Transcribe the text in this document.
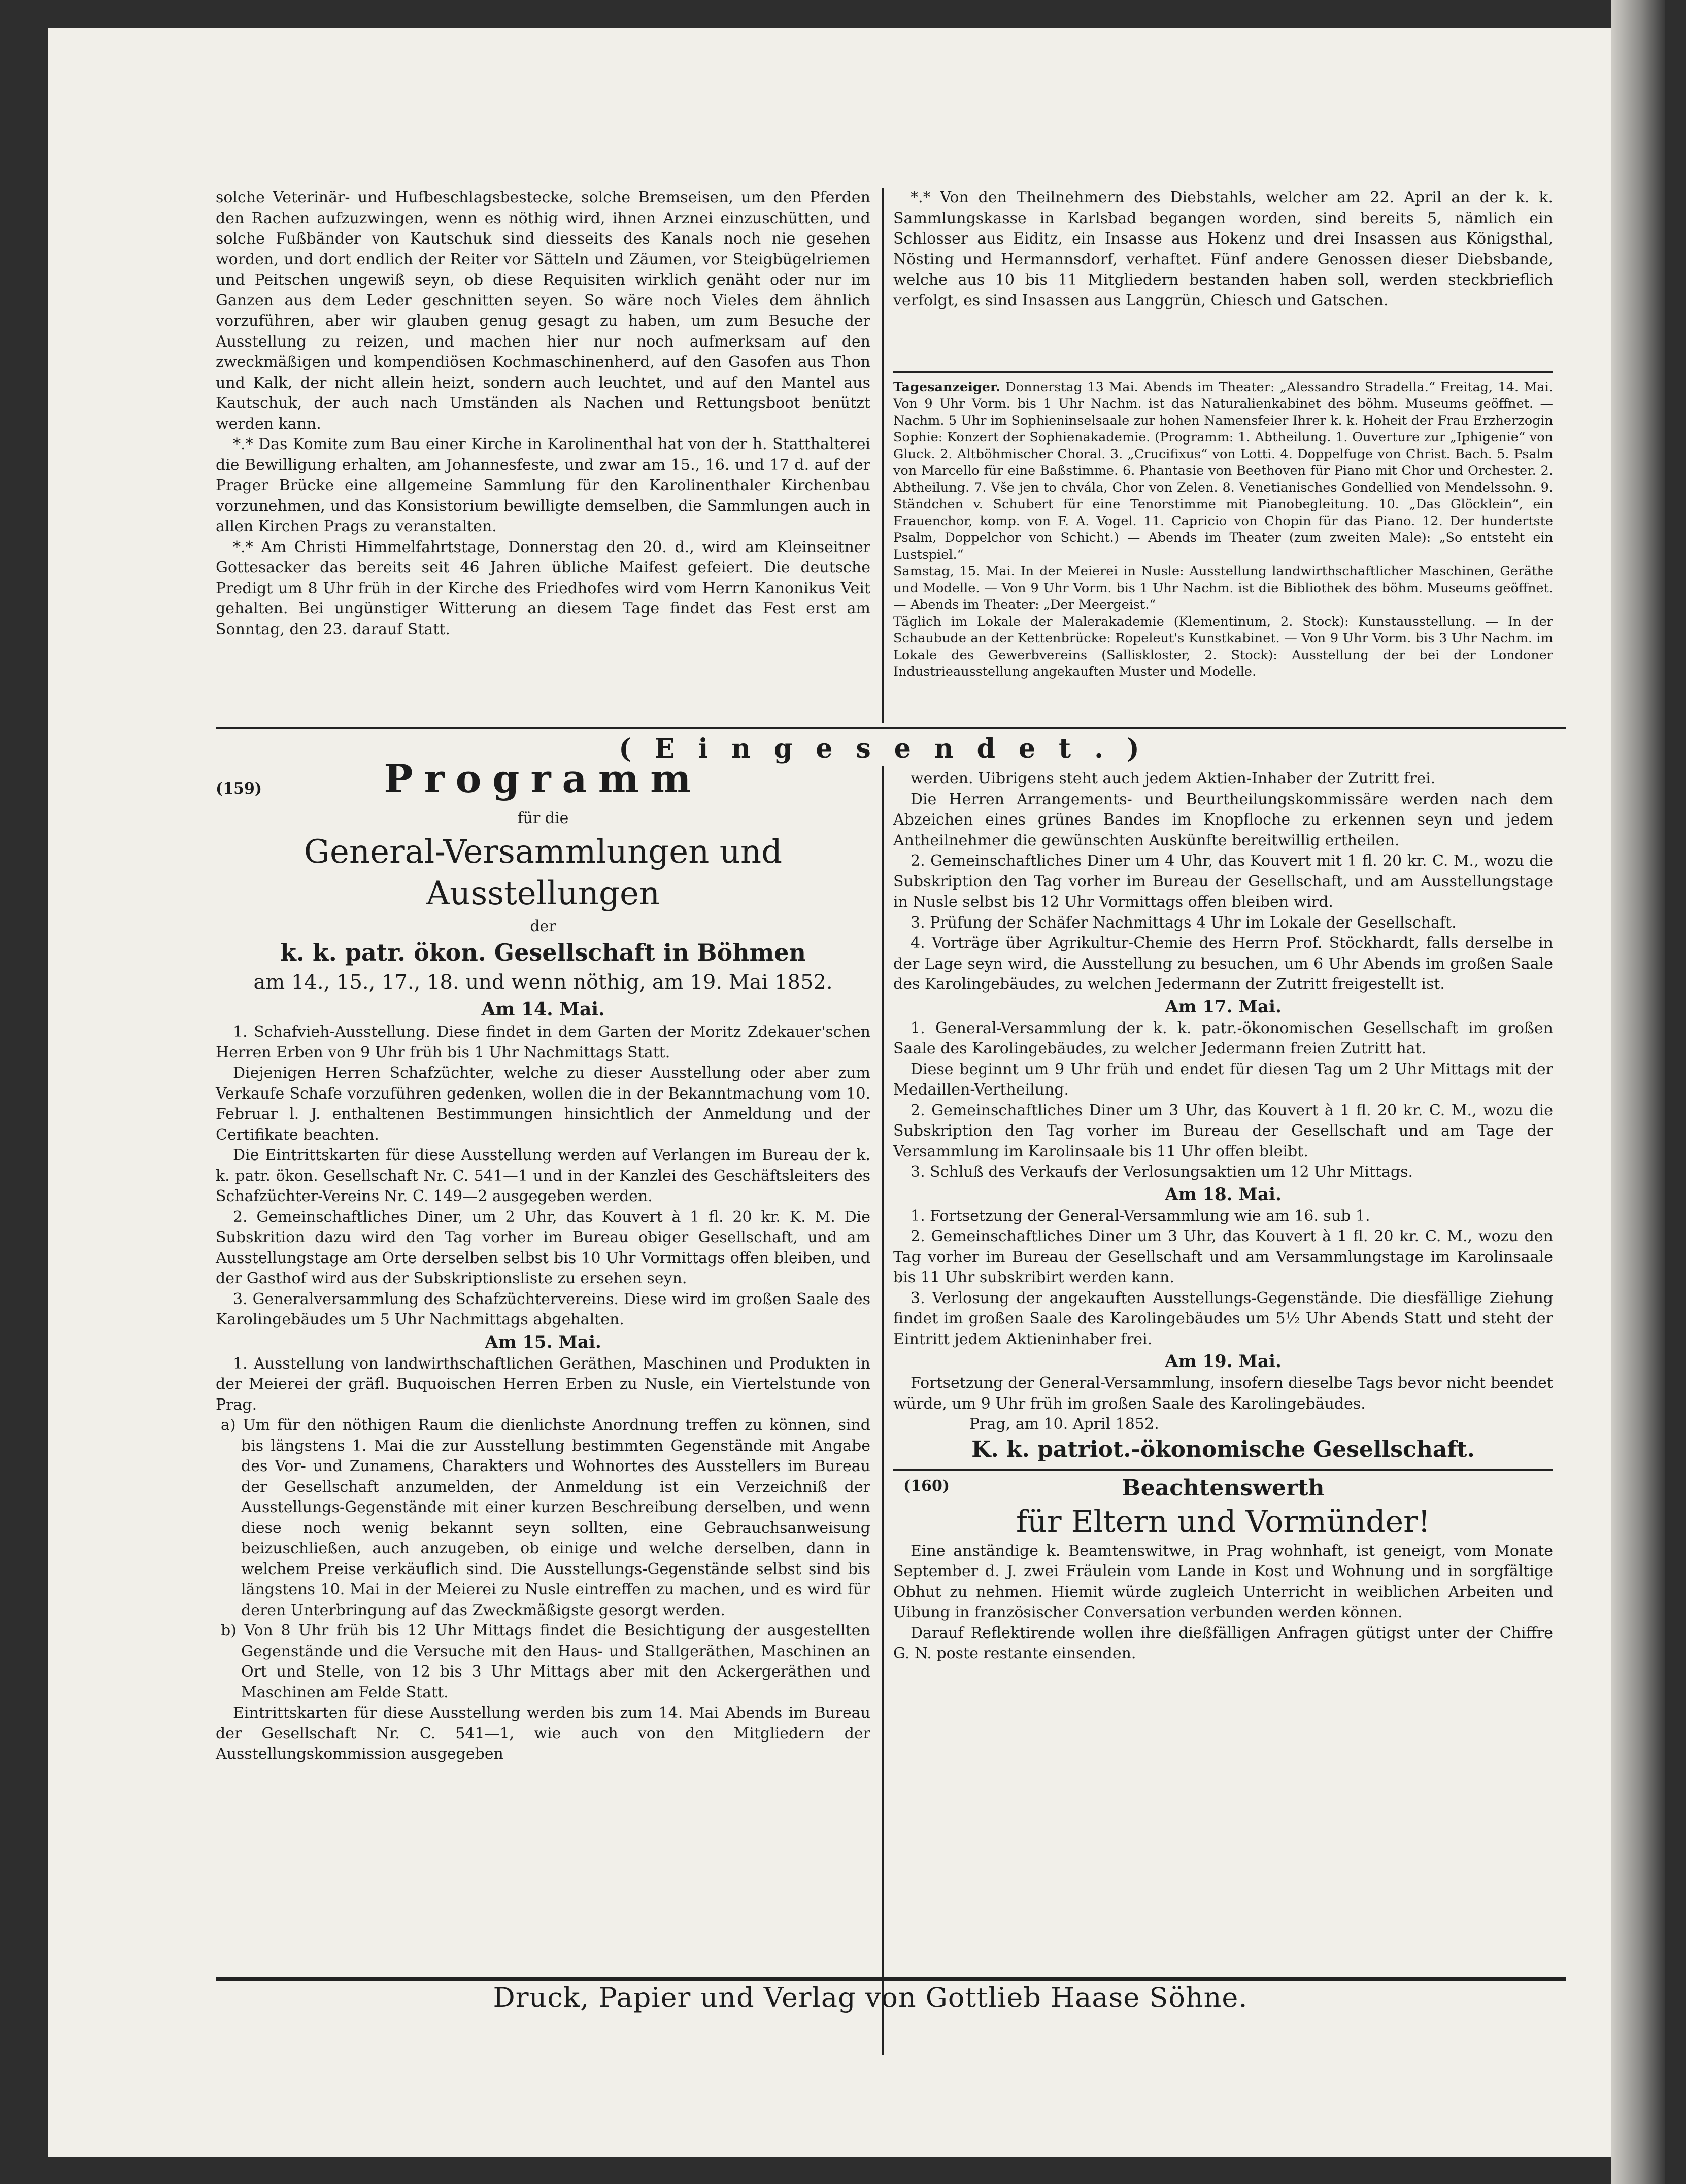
solche Veterinär- und Hufbeschlagsbestecke, solche Bremseisen, um den Pferden den Rachen aufzuzwingen, wenn es nöthig wird, ihnen Arznei einzuschütten, und solche Fußbänder von Kautschuk sind diesseits des Kanals noch nie gesehen worden, und dort endlich der Reiter vor Sätteln und Zäumen, vor Steigbügelriemen und Peitschen ungewiß seyn, ob diese Requisiten wirklich genäht oder nur im Ganzen aus dem Leder geschnitten seyen. So wäre noch Vieles dem ähnlich vorzuführen, aber wir glauben genug gesagt zu haben, um zum Besuche der Ausstellung zu reizen, und machen hier nur noch aufmerksam auf den zweckmäßigen und kompendiösen Kochmaschinenherd, auf den Gasofen aus Thon und Kalk, der nicht allein heizt, sondern auch leuchtet, und auf den Mantel aus Kautschuk, der auch nach Umständen als Nachen und Rettungsboot benützt werden kann.

*.* Das Komite zum Bau einer Kirche in Karolinenthal hat von der h. Statthalterei die Bewilligung erhalten, am Johannesfeste, und zwar am 15., 16. und 17 d. auf der Prager Brücke eine allgemeine Sammlung für den Karolinenthaler Kirchenbau vorzunehmen, und das Konsistorium bewilligte demselben, die Sammlungen auch in allen Kirchen Prags zu veranstalten.

*.* Am Christi Himmelfahrtstage, Donnerstag den 20. d., wird am Kleinseitner Gottesacker das bereits seit 46 Jahren übliche Maifest gefeiert. Die deutsche Predigt um 8 Uhr früh in der Kirche des Friedhofes wird vom Herrn Kanonikus Veit gehalten. Bei ungünstiger Witterung an diesem Tage findet das Fest erst am Sonntag, den 23. darauf Statt.

*.* Von den Theilnehmern des Diebstahls, welcher am 22. April an der k. k. Sammlungskasse in Karlsbad begangen worden, sind bereits 5, nämlich ein Schlosser aus Eiditz, ein Insasse aus Hokenz und drei Insassen aus Königsthal, Nösting und Hermannsdorf, verhaftet. Fünf andere Genossen dieser Diebsbande, welche aus 10 bis 11 Mitgliedern bestanden haben soll, werden steckbrieflich verfolgt, es sind Insassen aus Langgrün, Chiesch und Gatschen.

Tagesanzeiger. Donnerstag 13 Mai. Abends im Theater: „Alessandro Stradella.“ Freitag, 14. Mai. Von 9 Uhr Vorm. bis 1 Uhr Nachm. ist das Naturalienkabinet des böhm. Museums geöffnet. — Nachm. 5 Uhr im Sophieninselsaale zur hohen Namensfeier Ihrer k. k. Hoheit der Frau Erzherzogin Sophie: Konzert der Sophienakademie. (Programm: 1. Abtheilung. 1. Ouverture zur „Iphigenie“ von Gluck. 2. Altböhmischer Choral. 3. „Crucifixus“ von Lotti. 4. Doppelfuge von Christ. Bach. 5. Psalm von Marcello für eine Baßstimme. 6. Phantasie von Beethoven für Piano mit Chor und Orchester. 2. Abtheilung. 7. Vše jen to chvála, Chor von Zelen. 8. Venetianisches Gondellied von Mendelssohn. 9. Ständchen v. Schubert für eine Tenorstimme mit Pianobegleitung. 10. „Das Glöcklein“, ein Frauenchor, komp. von F. A. Vogel. 11. Capricio von Chopin für das Piano. 12. Der hundertste Psalm, Doppelchor von Schicht.) — Abends im Theater (zum zweiten Male): „So entsteht ein Lustspiel.“

Samstag, 15. Mai. In der Meierei in Nusle: Ausstellung landwirthschaftlicher Maschinen, Geräthe und Modelle. — Von 9 Uhr Vorm. bis 1 Uhr Nachm. ist die Bibliothek des böhm. Museums geöffnet. — Abends im Theater: „Der Meergeist.“

Täglich im Lokale der Malerakademie (Klementinum, 2. Stock): Kunstausstellung. — In der Schaubude an der Kettenbrücke: Ropeleut's Kunstkabinet. — Von 9 Uhr Vorm. bis 3 Uhr Nachm. im Lokale des Gewerbvereins (Salliskloster, 2. Stock): Ausstellung der bei der Londoner Industrieausstellung angekauften Muster und Modelle.

(Eingesendet.)
(159)	Programm
für die
General-Versammlungen und Ausstellungen
der
k. k. patr. ökon. Gesellschaft in Böhmen
am 14., 15., 17., 18. und wenn nöthig, am 19. Mai 1852.
Am 14. Mai.

1. Schafvieh-Ausstellung. Diese findet in dem Garten der Moritz Zdekauer'schen Herren Erben von 9 Uhr früh bis 1 Uhr Nachmittags Statt.

Diejenigen Herren Schafzüchter, welche zu dieser Ausstellung oder aber zum Verkaufe Schafe vorzuführen gedenken, wollen die in der Bekanntmachung vom 10. Februar l. J. enthaltenen Bestimmungen hinsichtlich der Anmeldung und der Certifikate beachten.

Die Eintrittskarten für diese Ausstellung werden auf Verlangen im Bureau der k. k. patr. ökon. Gesellschaft Nr. C. 541—1 und in der Kanzlei des Geschäftsleiters des Schafzüchter-Vereins Nr. C. 149—2 ausgegeben werden.

2. Gemeinschaftliches Diner, um 2 Uhr, das Kouvert à 1 fl. 20 kr. K. M. Die Subskrition dazu wird den Tag vorher im Bureau obiger Gesellschaft, und am Ausstellungstage am Orte derselben selbst bis 10 Uhr Vormittags offen bleiben, und der Gasthof wird aus der Subskriptionsliste zu ersehen seyn.

3. Generalversammlung des Schafzüchtervereins. Diese wird im großen Saale des Karolingebäudes um 5 Uhr Nachmittags abgehalten.

Am 15. Mai.

1. Ausstellung von landwirthschaftlichen Geräthen, Maschinen und Produkten in der Meierei der gräfl. Buquoischen Herren Erben zu Nusle, ein Viertelstunde von Prag.

a) Um für den nöthigen Raum die dienlichste Anordnung treffen zu können, sind bis längstens 1. Mai die zur Ausstellung bestimmten Gegenstände mit Angabe des Vor- und Zunamens, Charakters und Wohnortes des Ausstellers im Bureau der Gesellschaft anzumelden, der Anmeldung ist ein Verzeichniß der Ausstellungs-Gegenstände mit einer kurzen Beschreibung derselben, und wenn diese noch wenig bekannt seyn sollten, eine Gebrauchsanweisung beizuschließen, auch anzugeben, ob einige und welche derselben, dann in welchem Preise verkäuflich sind. Die Ausstellungs-Gegenstände selbst sind bis längstens 10. Mai in der Meierei zu Nusle eintreffen zu machen, und es wird für deren Unterbringung auf das Zweckmäßigste gesorgt werden.

b) Von 8 Uhr früh bis 12 Uhr Mittags findet die Besichtigung der ausgestellten Gegenstände und die Versuche mit den Haus- und Stallgeräthen, Maschinen an Ort und Stelle, von 12 bis 3 Uhr Mittags aber mit den Ackergeräthen und Maschinen am Felde Statt.

Eintrittskarten für diese Ausstellung werden bis zum 14. Mai Abends im Bureau der Gesellschaft Nr. C. 541—1, wie auch von den Mitgliedern der Ausstellungskommission ausgegeben

werden. Uibrigens steht auch jedem Aktien-Inhaber der Zutritt frei.

Die Herren Arrangements- und Beurtheilungskommissäre werden nach dem Abzeichen eines grünes Bandes im Knopfloche zu erkennen seyn und jedem Antheilnehmer die gewünschten Auskünfte bereitwillig ertheilen.

2. Gemeinschaftliches Diner um 4 Uhr, das Kouvert mit 1 fl. 20 kr. C. M., wozu die Subskription den Tag vorher im Bureau der Gesellschaft, und am Ausstellungstage in Nusle selbst bis 12 Uhr Vormittags offen bleiben wird.

3. Prüfung der Schäfer Nachmittags 4 Uhr im Lokale der Gesellschaft.

4. Vorträge über Agrikultur-Chemie des Herrn Prof. Stöckhardt, falls derselbe in der Lage seyn wird, die Ausstellung zu besuchen, um 6 Uhr Abends im großen Saale des Karolingebäudes, zu welchen Jedermann der Zutritt freigestellt ist.

Am 17. Mai.

1. General-Versammlung der k. k. patr.-ökonomischen Gesellschaft im großen Saale des Karolingebäudes, zu welcher Jedermann freien Zutritt hat.

Diese beginnt um 9 Uhr früh und endet für diesen Tag um 2 Uhr Mittags mit der Medaillen-Vertheilung.

2. Gemeinschaftliches Diner um 3 Uhr, das Kouvert à 1 fl. 20 kr. C. M., wozu die Subskription den Tag vorher im Bureau der Gesellschaft und am Tage der Versammlung im Karolinsaale bis 11 Uhr offen bleibt.

3. Schluß des Verkaufs der Verlosungsaktien um 12 Uhr Mittags.

Am 18. Mai.

1. Fortsetzung der General-Versammlung wie am 16. sub 1.

2. Gemeinschaftliches Diner um 3 Uhr, das Kouvert à 1 fl. 20 kr. C. M., wozu den Tag vorher im Bureau der Gesellschaft und am Versammlungstage im Karolinsaale bis 11 Uhr subskribirt werden kann.

3. Verlosung der angekauften Ausstellungs-Gegenstände. Die diesfällige Ziehung findet im großen Saale des Karolingebäudes um 5½ Uhr Abends Statt und steht der Eintritt jedem Aktieninhaber frei.

Am 19. Mai.

Fortsetzung der General-Versammlung, insofern dieselbe Tags bevor nicht beendet würde, um 9 Uhr früh im großen Saale des Karolingebäudes.

Prag, am 10. April 1852.

K. k. patriot.-ökonomische Gesellschaft.
(160)	Beachtenswerth
für Eltern und Vormünder!

Eine anständige k. Beamtenswitwe, in Prag wohnhaft, ist geneigt, vom Monate September d. J. zwei Fräulein vom Lande in Kost und Wohnung und in sorgfältige Obhut zu nehmen. Hiemit würde zugleich Unterricht in weiblichen Arbeiten und Uibung in französischer Conversation verbunden werden können.

Darauf Reflektirende wollen ihre dießfälligen Anfragen gütigst unter der Chiffre G. N. poste restante einsenden.

Druck, Papier und Verlag von Gottlieb Haase Söhne.
